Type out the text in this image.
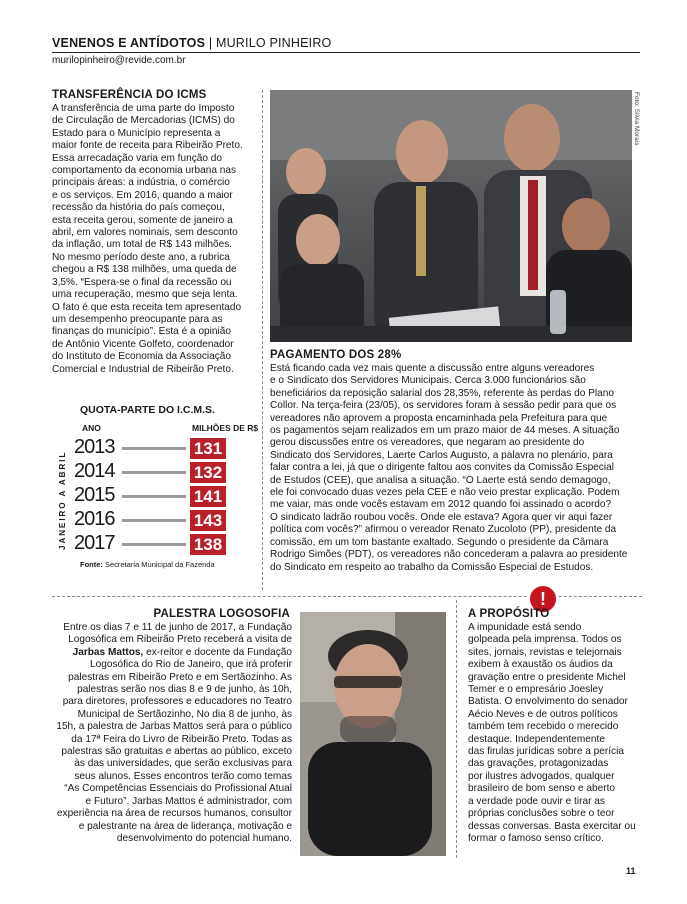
VENENOS E ANTÍDOTOS | MURILO PINHEIRO
murilopinheiro@revide.com.br
TRANSFERÊNCIA DO ICMS
A transferência de uma parte do Imposto
de Circulação de Mercadorias (ICMS) do
Estado para o Município representa a
maior fonte de receita para Ribeirão Preto.
Essa arrecadação varia em função do
comportamento da economia urbana nas
principais áreas: a indústria, o comércio
e os serviços. Em 2016, quando a maior
recessão da história do país começou,
esta receita gerou, somente de janeiro a
abril, em valores nominais, sem desconto
da inflação, um total de R$ 143 milhões.
No mesmo período deste ano, a rubrica
chegou a R$ 138 milhões, uma queda de
3,5%. “Espera-se o final da recessão ou
uma recuperação, mesmo que seja lenta.
O fato é que esta receita tem apresentado
um desempenho preocupante para as
finanças do município”. Esta é a opinião
de Antônio Vicente Golfeto, coordenador
do Instituto de Economia da Associação
Comercial e Industrial de Ribeirão Preto.
QUOTA-PARTE DO I.C.M.S.
ANO	MILHÕES DE R$
JANEIRO A ABRIL
2013	131
2014	132
2015	141
2016	143
2017	138
Fonte: Secretaria Municipal da Fazenda
Foto: Silvia Morais
PAGAMENTO DOS 28%
Está ficando cada vez mais quente a discussão entre alguns vereadores
e o Sindicato dos Servidores Municipais. Cerca 3.000 funcionários são
beneficiários da reposição salarial dos 28,35%, referente às perdas do Plano
Collor. Na terça-feira (23/05), os servidores foram à sessão pedir para que os
vereadores não aprovem a proposta encaminhada pela Prefeitura para que
os pagamentos sejam realizados em um prazo maior de 44 meses. A situação
gerou discussões entre os vereadores, que negaram ao presidente do
Sindicato dos Servidores, Laerte Carlos Augusto, a palavra no plenário, para
falar contra a lei, já que o dirigente faltou aos convites da Comissão Especial
de Estudos (CEE), que analisa a situação. “O Laerte está sendo demagogo,
ele foi convocado duas vezes pela CEE e não veio prestar explicação. Podem
me vaiar, mas onde vocês estavam em 2012 quando foi assinado o acordo?
O sindicato ladrão roubou vocês. Onde ele estava? Agora quer vir aqui fazer
política com vocês?” afirmou o vereador Renato Zucoloto (PP), presidente da
comissão, em um tom bastante exaltado. Segundo o presidente da Câmara
Rodrigo Simões (PDT), os vereadores não concederam a palavra ao presidente
do Sindicato em respeito ao trabalho da Comissão Especial de Estudos.
PALESTRA LOGOSOFIA
Entre os dias 7 e 11 de junho de 2017, a Fundação
Logosófica em Ribeirão Preto receberá a visita de
Jarbas Mattos, ex-reitor e docente da Fundação
Logosófica do Rio de Janeiro, que irá proferir
palestras em Ribeirão Preto e em Sertãozinho. As
palestras serão nos dias 8 e 9 de junho, às 10h,
para diretores, professores e educadores no Teatro
Municipal de Sertãozinho, No dia 8 de junho, às
15h, a palestra de Jarbas Mattos será para o público
da 17ª Feira do Livro de Ribeirão Preto. Todas as
palestras são gratuitas e abertas ao público, exceto
às das universidades, que serão exclusivas para
seus alunos. Esses encontros terão como temas
“As Competências Essenciais do Profissional Atual
e Futuro”. Jarbas Mattos é administrador, com
experiência na área de recursos humanos, consultor
e palestrante na área de liderança, motivação e
desenvolvimento do potencial humano.
!
A PROPÓSITO
A impunidade está sendo
golpeada pela imprensa. Todos os
sites, jornais, revistas e telejornais
exibem à exaustão os áudios da
gravação entre o presidente Michel
Temer e o empresário Joesley
Batista. O envolvimento do senador
Aécio Neves e de outros políticos
também tem recebido o merecido
destaque. Independentemente
das firulas jurídicas sobre a perícia
das gravações, protagonizadas
por ilustres advogados, qualquer
brasileiro de bom senso e aberto
a verdade pode ouvir e tirar as
próprias conclusões sobre o teor
dessas conversas. Basta exercitar ou
formar o famoso senso crítico.
11
